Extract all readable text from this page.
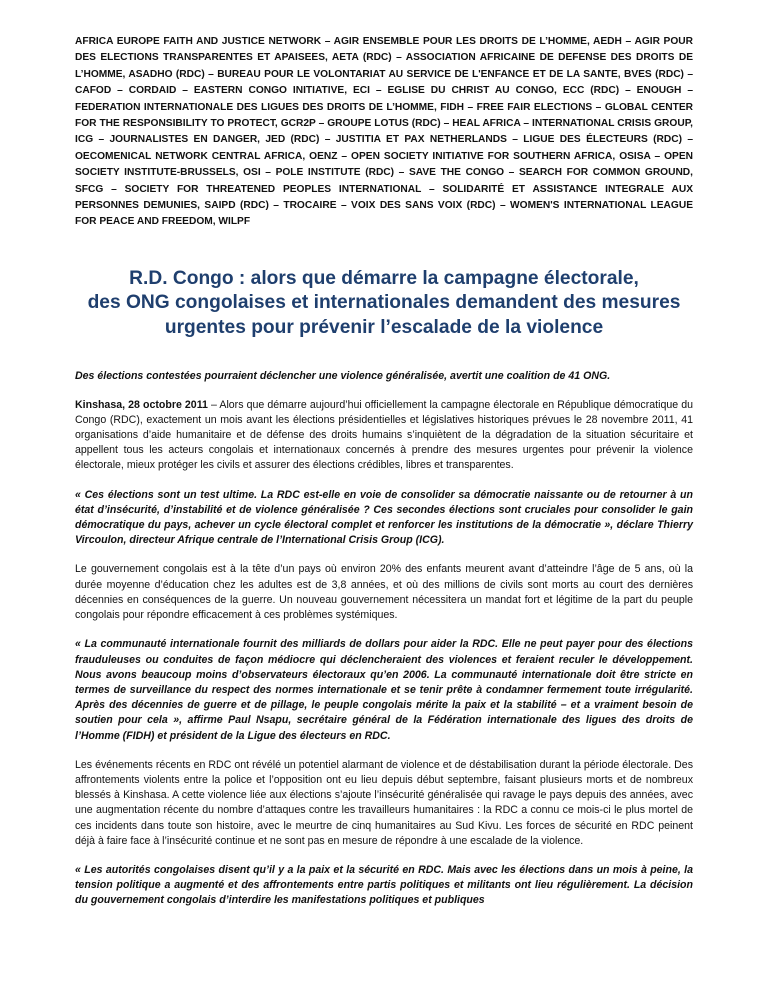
AFRICA EUROPE FAITH AND JUSTICE NETWORK – AGIR ENSEMBLE POUR LES DROITS DE L’HOMME, AEDH – AGIR POUR DES ELECTIONS TRANSPARENTES ET APAISEES, AETA (RDC) – ASSOCIATION AFRICAINE DE DEFENSE DES DROITS DE L’HOMME, ASADHO (RDC) – BUREAU POUR LE VOLONTARIAT AU SERVICE DE L'ENFANCE ET DE LA SANTE, BVES (RDC) – CAFOD – CORDAID – EASTERN CONGO INITIATIVE, ECI – EGLISE DU CHRIST AU CONGO, ECC (RDC) – ENOUGH – FEDERATION INTERNATIONALE DES LIGUES DES DROITS DE L’HOMME, FIDH – FREE FAIR ELECTIONS – GLOBAL CENTER FOR THE RESPONSIBILITY TO PROTECT, GCR2P – GROUPE LOTUS (RDC) – HEAL AFRICA – INTERNATIONAL CRISIS GROUP, ICG – JOURNALISTES EN DANGER, JED (RDC) – JUSTITIA ET PAX NETHERLANDS – LIGUE DES ÉLECTEURS (RDC) – OECOMENICAL NETWORK CENTRAL AFRICA, OENZ – OPEN SOCIETY INITIATIVE FOR SOUTHERN AFRICA, OSISA – OPEN SOCIETY INSTITUTE-BRUSSELS, OSI – POLE INSTITUTE (RDC) – SAVE THE CONGO – SEARCH FOR COMMON GROUND, SFCG – SOCIETY FOR THREATENED PEOPLES INTERNATIONAL – SOLIDARITÉ ET ASSISTANCE INTEGRALE AUX PERSONNES DEMUNIES, SAIPD (RDC) – TROCAIRE – VOIX DES SANS VOIX (RDC) – WOMEN'S INTERNATIONAL LEAGUE FOR PEACE AND FREEDOM, WILPF

R.D. Congo : alors que démarre la campagne électorale,
des ONG congolaises et internationales demandent des mesures
urgentes pour prévenir l’escalade de la violence

Des élections contestées pourraient déclencher une violence généralisée, avertit une coalition de 41 ONG.

Kinshasa, 28 octobre 2011 – Alors que démarre aujourd’hui officiellement la campagne électorale en République démocratique du Congo (RDC), exactement un mois avant les élections présidentielles et législatives historiques prévues le 28 novembre 2011, 41 organisations d’aide humanitaire et de défense des droits humains s’inquiètent de la dégradation de la situation sécuritaire et appellent tous les acteurs congolais et internationaux concernés à prendre des mesures urgentes pour prévenir la violence électorale, mieux protéger les civils et assurer des élections crédibles, libres et transparentes.

« Ces élections sont un test ultime. La RDC est-elle en voie de consolider sa démocratie naissante ou de retourner à un état d’insécurité, d’instabilité et de violence généralisée ? Ces secondes élections sont cruciales pour consolider le gain démocratique du pays, achever un cycle électoral complet et renforcer les institutions de la démocratie », déclare Thierry Vircoulon, directeur Afrique centrale de l’International Crisis Group (ICG).

Le gouvernement congolais est à la tête d’un pays où environ 20% des enfants meurent avant d’atteindre l’âge de 5 ans, où la durée moyenne d’éducation chez les adultes est de 3,8 années, et où des millions de civils sont morts au court des dernières décennies en conséquences de la guerre. Un nouveau gouvernement nécessitera un mandat fort et légitime de la part du peuple congolais pour répondre efficacement à ces problèmes systémiques.

« La communauté internationale fournit des milliards de dollars pour aider la RDC. Elle ne peut payer pour des élections frauduleuses ou conduites de façon médiocre qui déclencheraient des violences et feraient reculer le développement. Nous avons beaucoup moins d’observateurs électoraux qu’en 2006. La communauté internationale doit être stricte en termes de surveillance du respect des normes internationale et se tenir prête à condamner fermement toute irrégularité. Après des décennies de guerre et de pillage, le peuple congolais mérite la paix et la stabilité – et a vraiment besoin de soutien pour cela », affirme Paul Nsapu, secrétaire général de la Fédération internationale des ligues des droits de l’Homme (FIDH) et président de la Ligue des électeurs en RDC.

Les événements récents en RDC ont révélé un potentiel alarmant de violence et de déstabilisation durant la période électorale. Des affrontements violents entre la police et l’opposition ont eu lieu depuis début septembre, faisant plusieurs morts et de nombreux blessés à Kinshasa. A cette violence liée aux élections s’ajoute l’insécurité généralisée qui ravage le pays depuis des années, avec une augmentation récente du nombre d’attaques contre les travailleurs humanitaires : la RDC a connu ce mois-ci le plus mortel de ces incidents dans toute son histoire, avec le meurtre de cinq humanitaires au Sud Kivu. Les forces de sécurité en RDC peinent déjà à faire face à l’insécurité continue et ne sont pas en mesure de répondre à une escalade de la violence.

« Les autorités congolaises disent qu’il y a la paix et la sécurité en RDC. Mais avec les élections dans un mois à peine, la tension politique a augmenté et des affrontements entre partis politiques et militants ont lieu régulièrement. La décision du gouvernement congolais d’interdire les manifestations politiques et publiques
